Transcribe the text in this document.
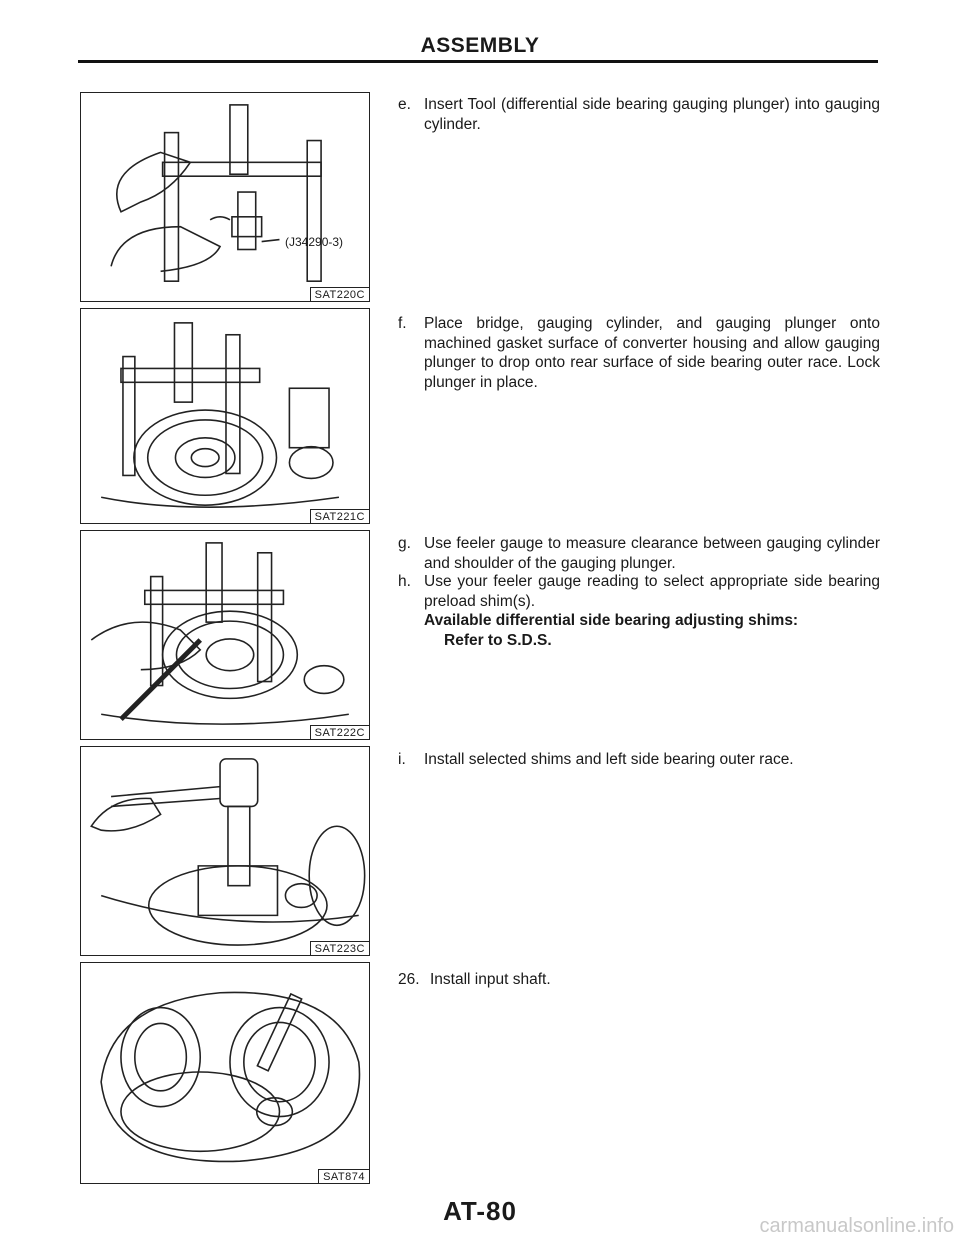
ASSEMBLY
(J34290-3)
SAT220C
SAT221C
SAT222C
SAT223C
SAT874
e. Insert Tool (differential side bearing gauging plunger) into gauging cylinder.
f. Place bridge, gauging cylinder, and gauging plunger onto machined gasket surface of converter housing and allow gauging plunger to drop onto rear surface of side bearing outer race. Lock plunger in place.
g. Use feeler gauge to measure clearance between gauging cylinder and shoulder of the gauging plunger.
h. Use your feeler gauge reading to select appropriate side bearing preload shim(s).
Available differential side bearing adjusting shims:
Refer to S.D.S.
i. Install selected shims and left side bearing outer race.
26. Install input shaft.
AT-80	carmanualsonline.info
